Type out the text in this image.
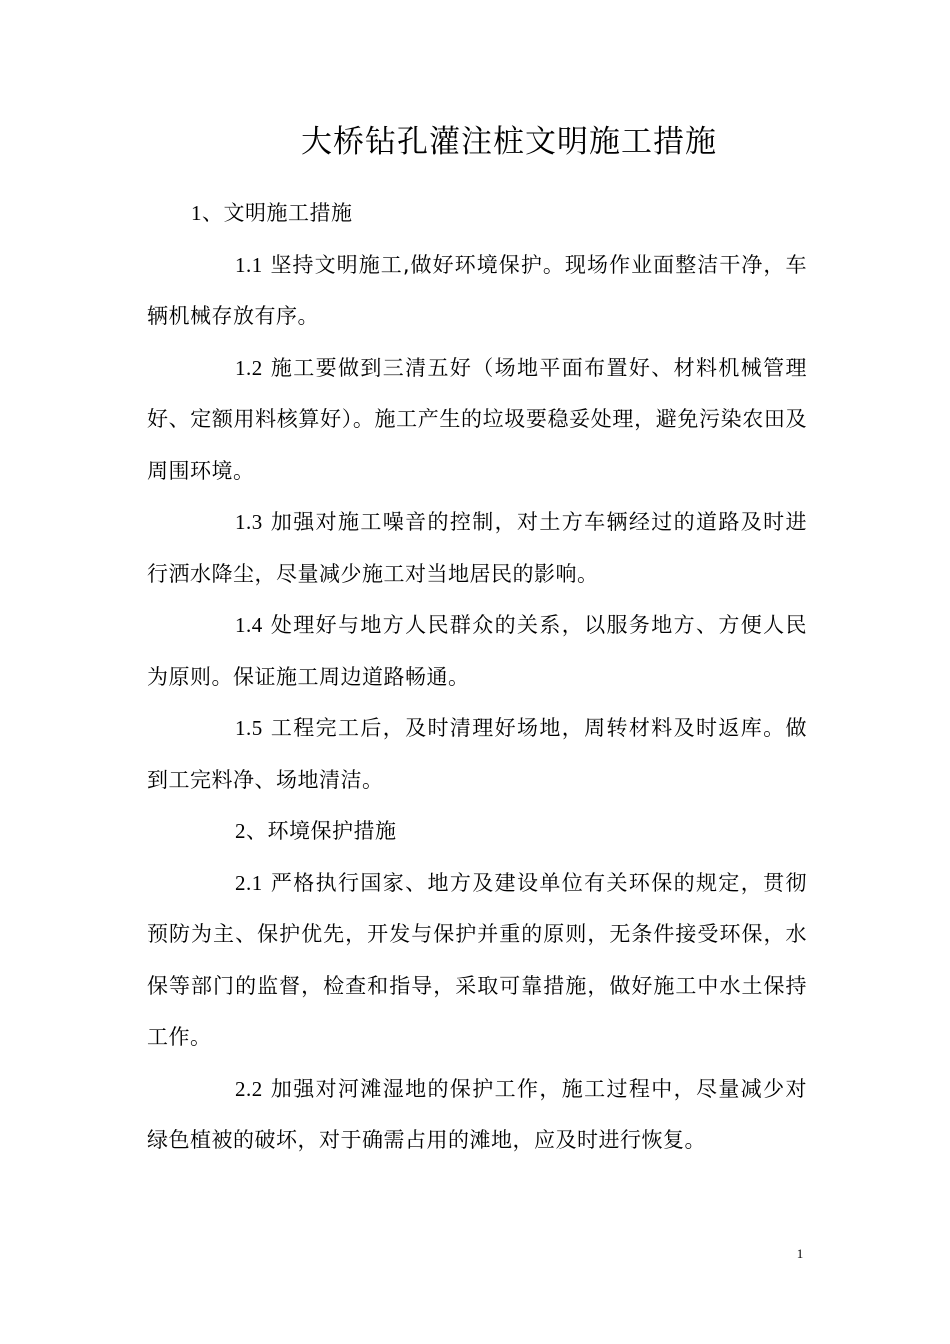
大桥钻孔灌注桩文明施工措施

1、文明施工措施

1.1 坚持文明施工,做好环境保护。现场作业面整洁干净，车辆机械存放有序。

1.2 施工要做到三清五好（场地平面布置好、材料机械管理好、定额用料核算好）。施工产生的垃圾要稳妥处理，避免污染农田及周围环境。

1.3 加强对施工噪音的控制，对土方车辆经过的道路及时进行洒水降尘，尽量减少施工对当地居民的影响。

1.4 处理好与地方人民群众的关系，以服务地方、方便人民为原则。保证施工周边道路畅通。

1.5 工程完工后，及时清理好场地，周转材料及时返库。做到工完料净、场地清洁。

2、环境保护措施

2.1 严格执行国家、地方及建设单位有关环保的规定，贯彻预防为主、保护优先，开发与保护并重的原则，无条件接受环保，水保等部门的监督，检查和指导，采取可靠措施，做好施工中水土保持工作。

2.2 加强对河滩湿地的保护工作，施工过程中，尽量减少对绿色植被的破坏，对于确需占用的滩地，应及时进行恢复。

1
